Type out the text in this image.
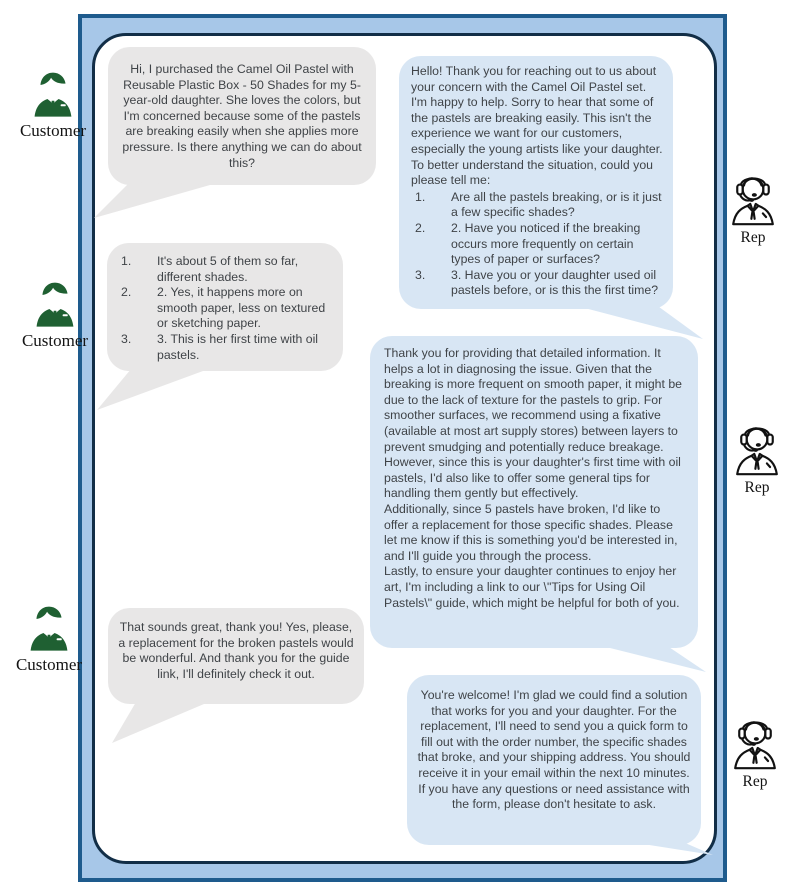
Hi, I purchased the Camel Oil Pastel with Reusable Plastic Box - 50 Shades for my 5-year-old daughter. She loves the colors, but I'm concerned because some of the pastels are breaking easily when she applies more pressure. Is there anything we can do about this?

Hello! Thank you for reaching out to us about your concern with the Camel Oil Pastel set. I'm happy to help. Sorry to hear that some of the pastels are breaking easily. This isn't the experience we want for our customers, especially the young artists like your daughter. To better understand the situation, could you please tell me:

1.	Are all the pastels breaking, or is it just a few specific shades?
2.	2. Have you noticed if the breaking occurs more frequently on certain types of paper or surfaces?
3.	3. Have you or your daughter used oil pastels before, or is this the first time?
1.	It's about 5 of them so far, different shades.
2.	2. Yes, it happens more on smooth paper, less on textured or sketching paper.
3.	3. This is her first time with oil pastels.	Thank you for providing that detailed information. It helps a lot in diagnosing the issue. Given that the breaking is more frequent on smooth paper, it might be due to the lack of texture for the pastels to grip. For smoother surfaces, we recommend using a fixative (available at most art supply stores) between layers to prevent smudging and potentially reduce breakage. However, since this is your daughter's first time with oil pastels, I'd also like to offer some general tips for handling them gently but effectively.

Additionally, since 5 pastels have broken, I'd like to offer a replacement for those specific shades. Please let me know if this is something you'd be interested in, and I'll guide you through the process.

Lastly, to ensure your daughter continues to enjoy her art, I'm including a link to our \"Tips for Using Oil Pastels\" guide, which might be helpful for both of you.

That sounds great, thank you! Yes, please, a replacement for the broken pastels would be wonderful. And thank you for the guide link, I'll definitely check it out.

You're welcome! I'm glad we could find a solution that works for you and your daughter. For the replacement, I'll need to send you a quick form to fill out with the order number, the specific shades that broke, and your shipping address. You should receive it in your email within the next 10 minutes. If you have any questions or need assistance with the form, please don't hesitate to ask.

Customer
Customer
Customer
Rep
Rep
Rep
